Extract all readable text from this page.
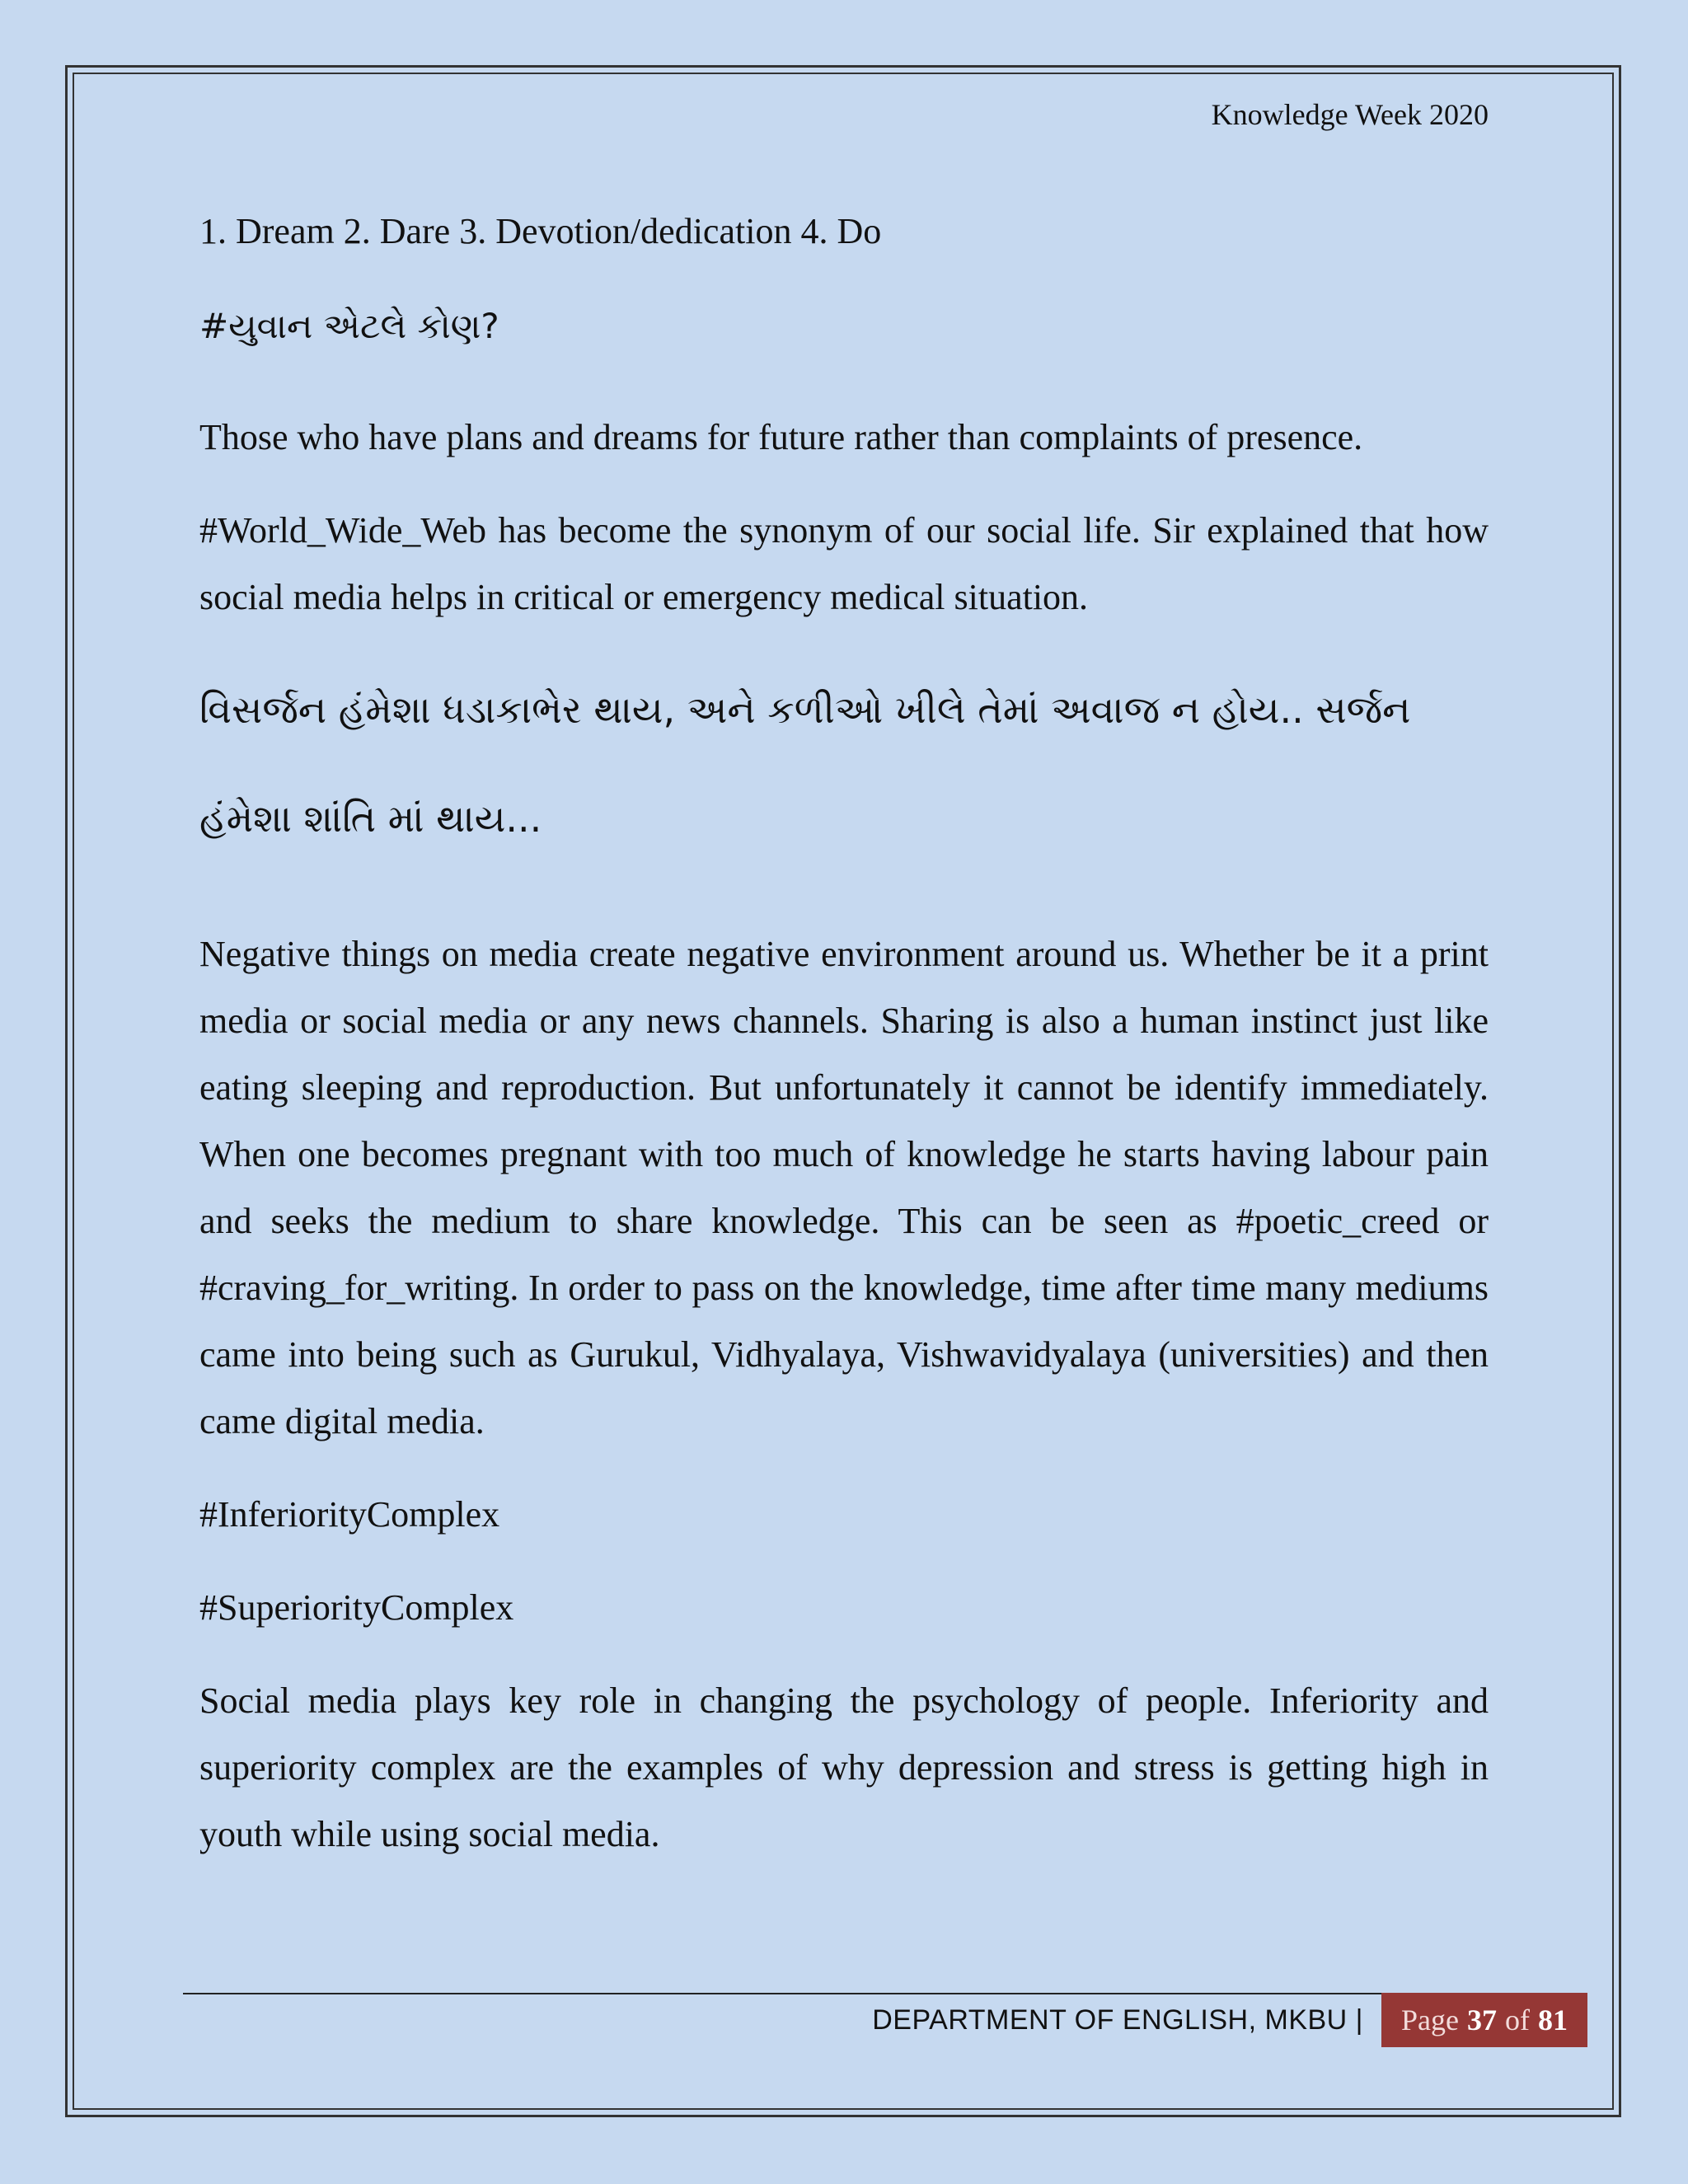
Knowledge Week 2020

1. Dream 2. Dare 3. Devotion/dedication 4. Do

#યુવાન એટલે કોણ?

Those who have plans and dreams for future rather than complaints of presence.

#World_Wide_Web has become the synonym of our social life. Sir explained that how social media helps in critical or emergency medical situation.

વિસર્જન હંમેશા ધડાકાભેર થાય, અને કળીઓ ખીલે તેમાં અવાજ ન હોય.. સર્જન હંમેશા શાંતિ માં થાય...

Negative things on media create negative environment around us. Whether be it a print media or social media or any news channels. Sharing is also a human instinct just like eating sleeping and reproduction. But unfortunately it cannot be identify immediately. When one becomes pregnant with too much of knowledge he starts having labour pain and seeks the medium to share knowledge. This can be seen as #poetic_creed or #craving_for_writing. In order to pass on the knowledge, time after time many mediums came into being such as Gurukul, Vidhyalaya, Vishwavidyalaya (universities) and then came digital media.

#InferiorityComplex

#SuperiorityComplex

Social media plays key role in changing the psychology of people. Inferiority and superiority complex are the examples of why depression and stress is getting high in youth while using social media.

DEPARTMENT OF ENGLISH, MKBU |	Page 37 of 81
